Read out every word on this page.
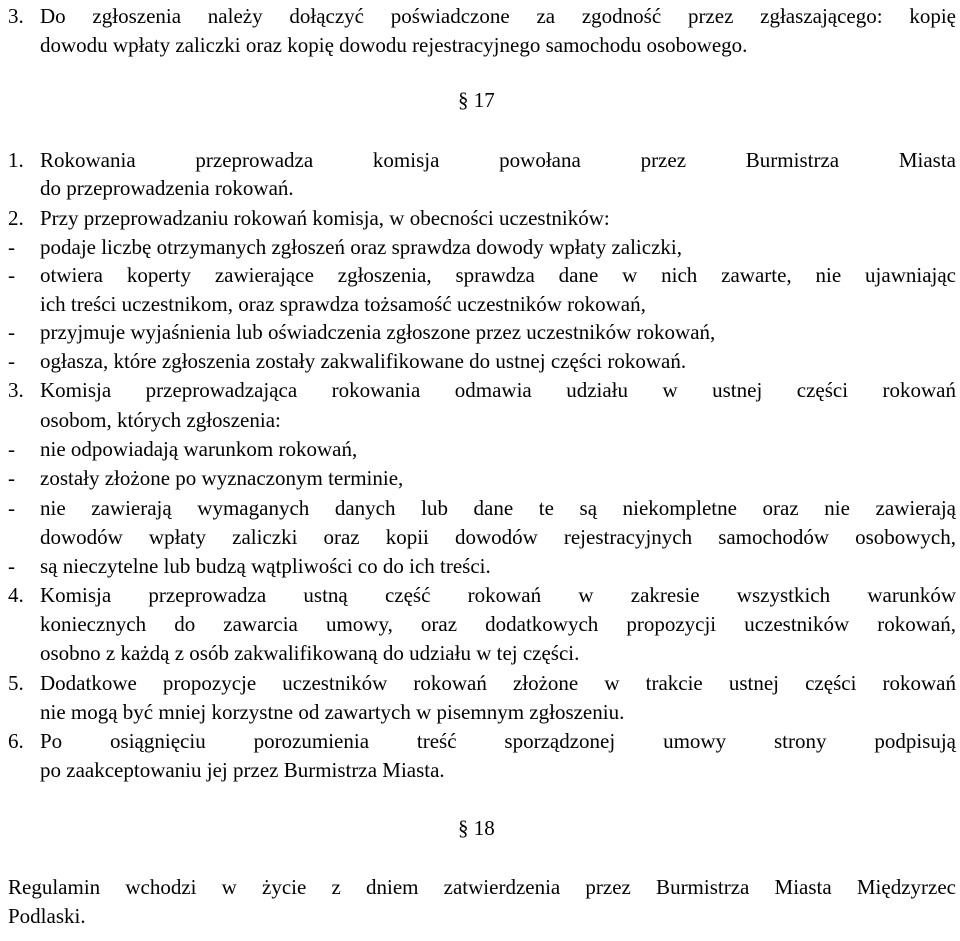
3. Do zgłoszenia należy dołączyć poświadczone za zgodność przez zgłaszającego: kopię
dowodu wpłaty zaliczki oraz kopię dowodu rejestracyjnego samochodu osobowego.
§ 17
1. Rokowania przeprowadza komisja powołana przez Burmistrza Miasta
do przeprowadzenia rokowań.
2. Przy przeprowadzaniu rokowań komisja, w obecności uczestników:
- podaje liczbę otrzymanych zgłoszeń oraz sprawdza dowody wpłaty zaliczki,
- otwiera koperty zawierające zgłoszenia, sprawdza dane w nich zawarte, nie ujawniając
ich treści uczestnikom, oraz sprawdza tożsamość uczestników rokowań,
- przyjmuje wyjaśnienia lub oświadczenia zgłoszone przez uczestników rokowań,
- ogłasza, które zgłoszenia zostały zakwalifikowane do ustnej części rokowań.
3. Komisja przeprowadzająca rokowania odmawia udziału w ustnej części rokowań
osobom, których zgłoszenia:
- nie odpowiadają warunkom rokowań,
- zostały złożone po wyznaczonym terminie,
- nie zawierają wymaganych danych lub dane te są niekompletne oraz nie zawierają
dowodów wpłaty zaliczki oraz kopii dowodów rejestracyjnych samochodów osobowych,
- są nieczytelne lub budzą wątpliwości co do ich treści.
4. Komisja przeprowadza ustną część rokowań w zakresie wszystkich warunków
koniecznych do zawarcia umowy, oraz dodatkowych propozycji uczestników rokowań,
osobno z każdą z osób zakwalifikowaną do udziału w tej części.
5. Dodatkowe propozycje uczestników rokowań złożone w trakcie ustnej części rokowań
nie mogą być mniej korzystne od zawartych w pisemnym zgłoszeniu.
6. Po osiągnięciu porozumienia treść sporządzonej umowy strony podpisują
po zaakceptowaniu jej przez Burmistrza Miasta.
§ 18
Regulamin wchodzi w życie z dniem zatwierdzenia przez Burmistrza Miasta Międzyrzec
Podlaski.
